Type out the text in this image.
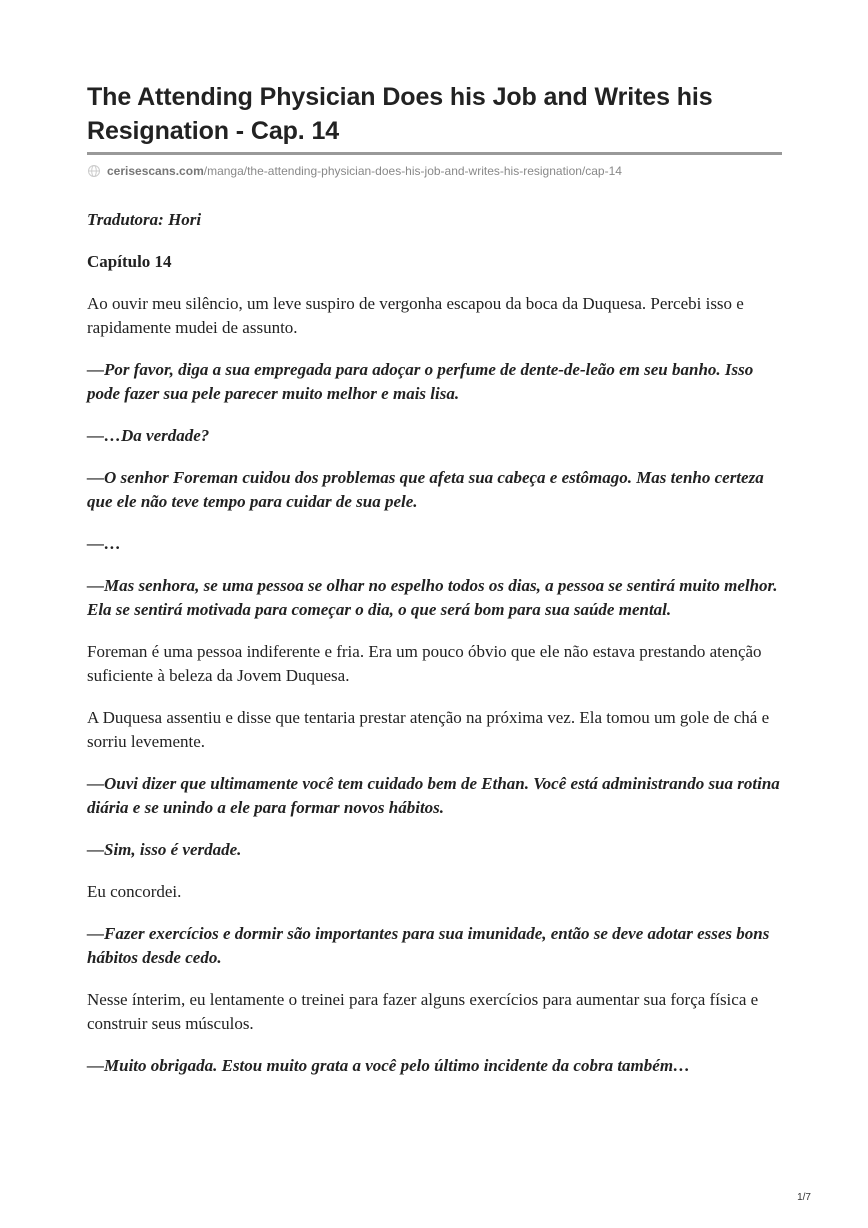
The Attending Physician Does his Job and Writes his Resignation - Cap. 14
cerisescans.com /manga/the-attending-physician-does-his-job-and-writes-his-resignation/cap-14

Tradutora: Hori

Capítulo 14

Ao ouvir meu silêncio, um leve suspiro de vergonha escapou da boca da Duquesa. Percebi isso e rapidamente mudei de assunto.

—Por favor, diga a sua empregada para adoçar o perfume de dente-de-leão em seu banho. Isso pode fazer sua pele parecer muito melhor e mais lisa.

—…Da verdade?

—O senhor Foreman cuidou dos problemas que afeta sua cabeça e estômago. Mas tenho certeza que ele não teve tempo para cuidar de sua pele.

—…

—Mas senhora, se uma pessoa se olhar no espelho todos os dias, a pessoa se sentirá muito melhor. Ela se sentirá motivada para começar o dia, o que será bom para sua saúde mental.

Foreman é uma pessoa indiferente e fria. Era um pouco óbvio que ele não estava prestando atenção suficiente à beleza da Jovem Duquesa.

A Duquesa assentiu e disse que tentaria prestar atenção na próxima vez. Ela tomou um gole de chá e sorriu levemente.

—Ouvi dizer que ultimamente você tem cuidado bem de Ethan. Você está administrando sua rotina diária e se unindo a ele para formar novos hábitos.

—Sim, isso é verdade.

Eu concordei.

—Fazer exercícios e dormir são importantes para sua imunidade, então se deve adotar esses bons hábitos desde cedo.

Nesse ínterim, eu lentamente o treinei para fazer alguns exercícios para aumentar sua força física e construir seus músculos.

—Muito obrigada. Estou muito grata a você pelo último incidente da cobra também…

1/7
